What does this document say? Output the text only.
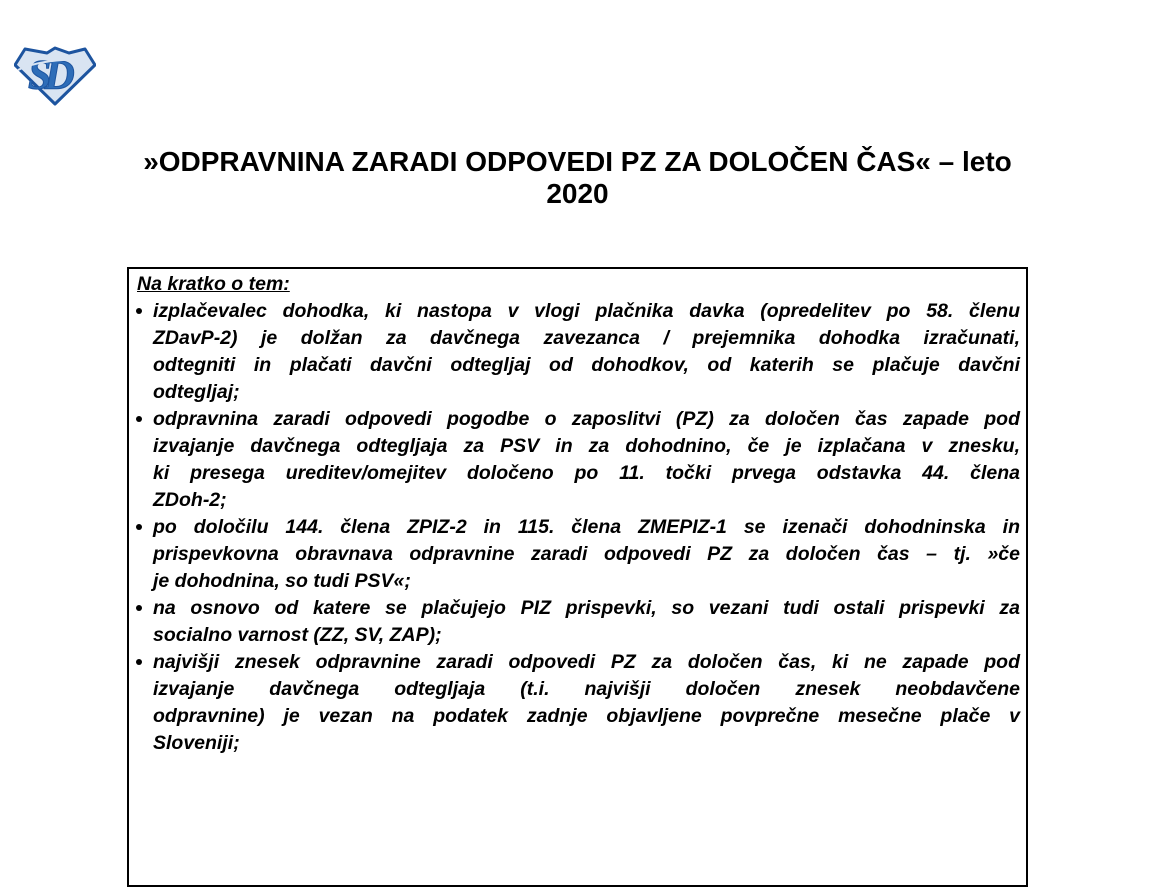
SD
»ODPRAVNINA ZARADI ODPOVEDI PZ ZA DOLOČEN ČAS« – leto
2020
Na kratko o tem:
izplačevalec dohodka, ki nastopa v vlogi plačnika davka (opredelitev po 58. členu
ZDavP-2) je dolžan za davčnega zavezanca / prejemnika dohodka izračunati,
odtegniti in plačati davčni odtegljaj od dohodkov, od katerih se plačuje davčni
odtegljaj;
odpravnina zaradi odpovedi pogodbe o zaposlitvi (PZ) za določen čas zapade pod
izvajanje davčnega odtegljaja za PSV in za dohodnino, če je izplačana v znesku,
ki presega ureditev/omejitev določeno po 11. točki prvega odstavka 44. člena
ZDoh-2;
po določilu 144. člena ZPIZ-2 in 115. člena ZMEPIZ-1 se izenači dohodninska in
prispevkovna obravnava odpravnine zaradi odpovedi PZ za določen čas – tj. »če
je dohodnina, so tudi PSV«;
na osnovo od katere se plačujejo PIZ prispevki, so vezani tudi ostali prispevki za
socialno varnost (ZZ, SV, ZAP);
najvišji znesek odpravnine zaradi odpovedi PZ za določen čas, ki ne zapade pod
izvajanje davčnega odtegljaja (t.i. najvišji določen znesek neobdavčene
odpravnine) je vezan na podatek zadnje objavljene povprečne mesečne plače v
Sloveniji;
